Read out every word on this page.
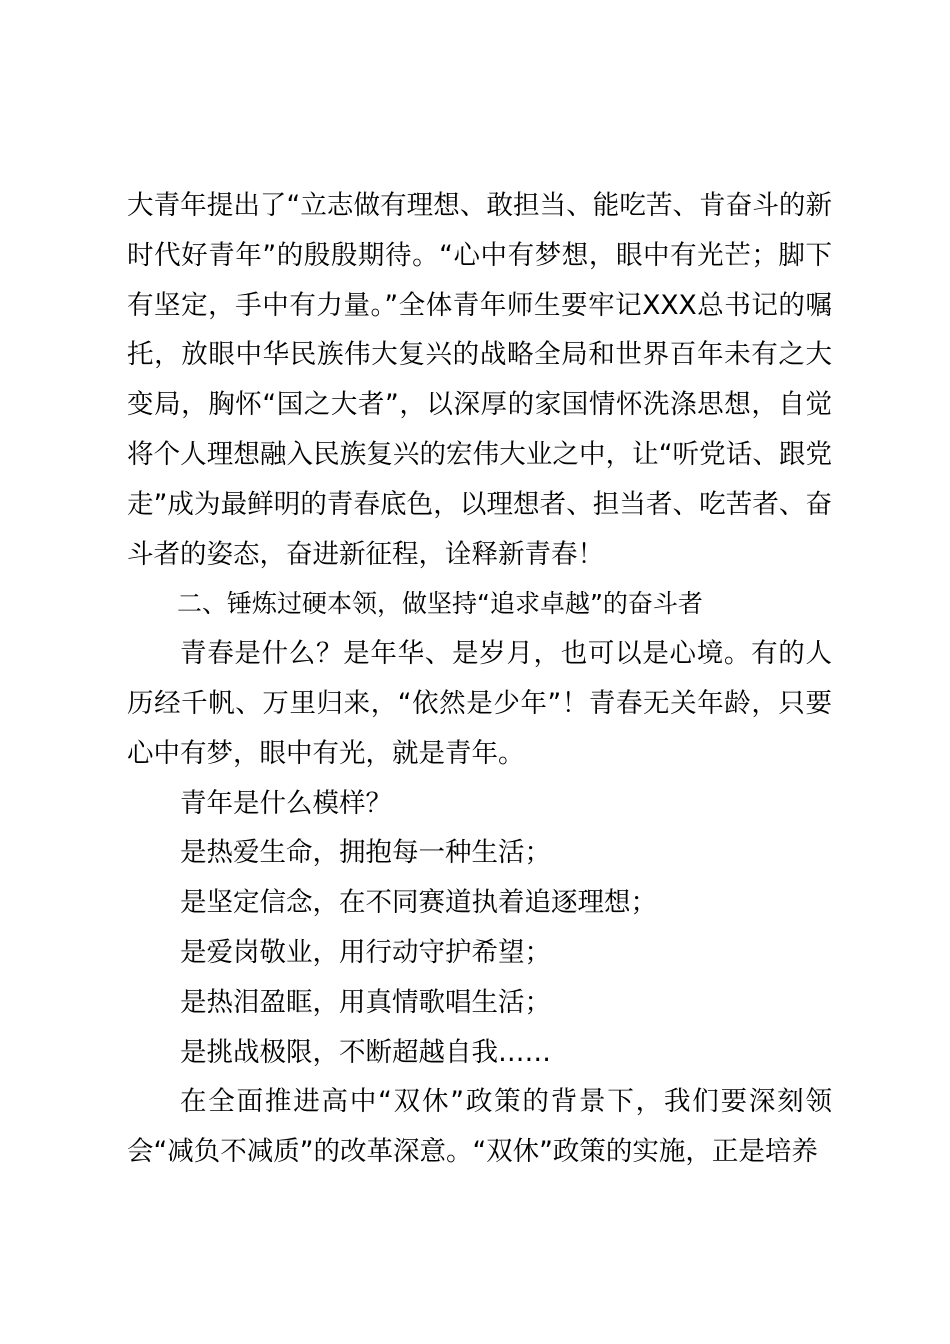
大青年提出了“立志做有理想、敢担当、能吃苦、肯奋斗的新时代好青年”的殷殷期待。“心中有梦想，眼中有光芒；脚下有坚定，手中有力量。”全体青年师生要牢记XXX总书记的嘱托，放眼中华民族伟大复兴的战略全局和世界百年未有之大变局，胸怀“国之大者”，以深厚的家国情怀洗涤思想，自觉将个人理想融入民族复兴的宏伟大业之中，让“听党话、跟党走”成为最鲜明的青春底色，以理想者、担当者、吃苦者、奋斗者的姿态，奋进新征程，诠释新青春！

二、锤炼过硬本领，做坚持“追求卓越”的奋斗者

青春是什么？是年华、是岁月，也可以是心境。有的人历经千帆、万里归来，“依然是少年”！青春无关年龄，只要心中有梦，眼中有光，就是青年。

青年是什么模样？

是热爱生命，拥抱每一种生活；

是坚定信念，在不同赛道执着追逐理想；

是爱岗敬业，用行动守护希望；

是热泪盈眶，用真情歌唱生活；

是挑战极限，不断超越自我……

在全面推进高中“双休”政策的背景下，我们要深刻领会“减负不减质”的改革深意。“双休”政策的实施，正是培养
